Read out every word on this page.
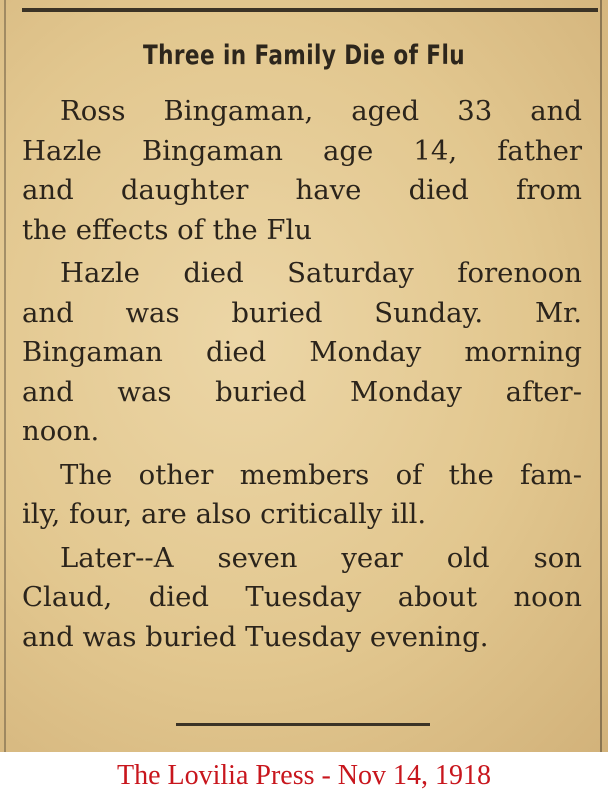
Three in Family Die of Flu
Ross Bingaman, aged 33 and
Hazle Bingaman age 14, father
and daughter have died from
the effects of the Flu
Hazle died Saturday forenoon
and was buried Sunday. Mr.
Bingaman died Monday morning
and was buried Monday after-
noon.
The other members of the fam-
ily, four, are also critically ill.
Later--A seven year old son
Claud, died Tuesday about noon
and was buried Tuesday evening.
The Lovilia Press - Nov 14, 1918
